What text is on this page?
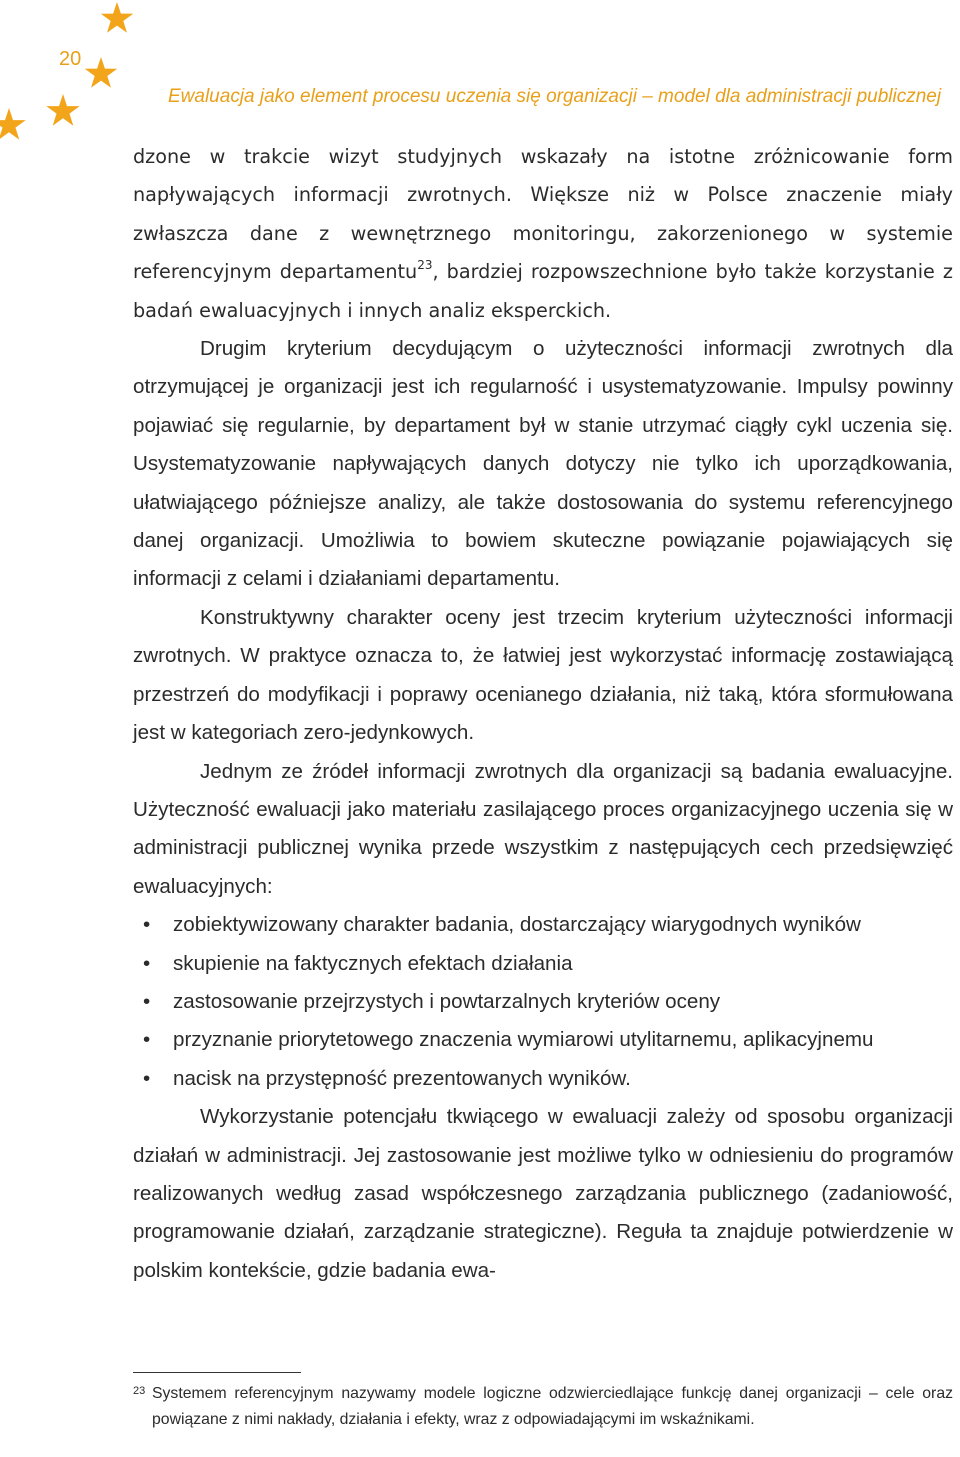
20
Ewaluacja jako element procesu uczenia się organizacji – model dla administracji publicznej

dzone w trakcie wizyt studyjnych wskazały na istotne zróżnicowanie form napływających informacji zwrotnych. Większe niż w Polsce znaczenie miały zwłaszcza dane z wewnętrznego monitoringu, zakorzenionego w systemie referencyjnym departamentu$^{23}$, bardziej rozpowszechnione było także korzystanie z badań ewaluacyjnych i innych analiz eksperckich.

Drugim kryterium decydującym o użyteczności informacji zwrotnych dla otrzymującej je organizacji jest ich regularność i usystematyzowanie. Impulsy powinny pojawiać się regularnie, by departament był w stanie utrzymać ciągły cykl uczenia się. Usystematyzowanie napływających danych dotyczy nie tylko ich uporządkowania, ułatwiającego późniejsze analizy, ale także dostosowania do systemu referencyjnego danej organizacji. Umożliwia to bowiem skuteczne powiązanie pojawiających się informacji z celami i działaniami departamentu.

Konstruktywny charakter oceny jest trzecim kryterium użyteczności informacji zwrotnych. W praktyce oznacza to, że łatwiej jest wykorzystać informację zostawiającą przestrzeń do modyfikacji i poprawy ocenianego działania, niż taką, która sformułowana jest w kategoriach zero-jedynkowych.

Jednym ze źródeł informacji zwrotnych dla organizacji są badania ewaluacyjne. Użyteczność ewaluacji jako materiału zasilającego proces organizacyjnego uczenia się w administracji publicznej wynika przede wszystkim z następujących cech przedsięwzięć ewaluacyjnych:

• zobiektywizowany charakter badania, dostarczający wiarygodnych wyników
• skupienie na faktycznych efektach działania
• zastosowanie przejrzystych i powtarzalnych kryteriów oceny
• przyznanie priorytetowego znaczenia wymiarowi utylitarnemu, aplikacyjnemu
• nacisk na przystępność prezentowanych wyników.

Wykorzystanie potencjału tkwiącego w ewaluacji zależy od sposobu organizacji działań w administracji. Jej zastosowanie jest możliwe tylko w odniesieniu do programów realizowanych według zasad współczesnego zarządzania publicznego (zadaniowość, programowanie działań, zarządzanie strategiczne). Reguła ta znajduje potwierdzenie w polskim kontekście, gdzie badania ewa-

23 Systemem referencyjnym nazywamy modele logiczne odzwierciedlające funkcję danej organizacji – cele oraz powiązane z nimi nakłady, działania i efekty, wraz z odpowiadającymi im wskaźnikami.
